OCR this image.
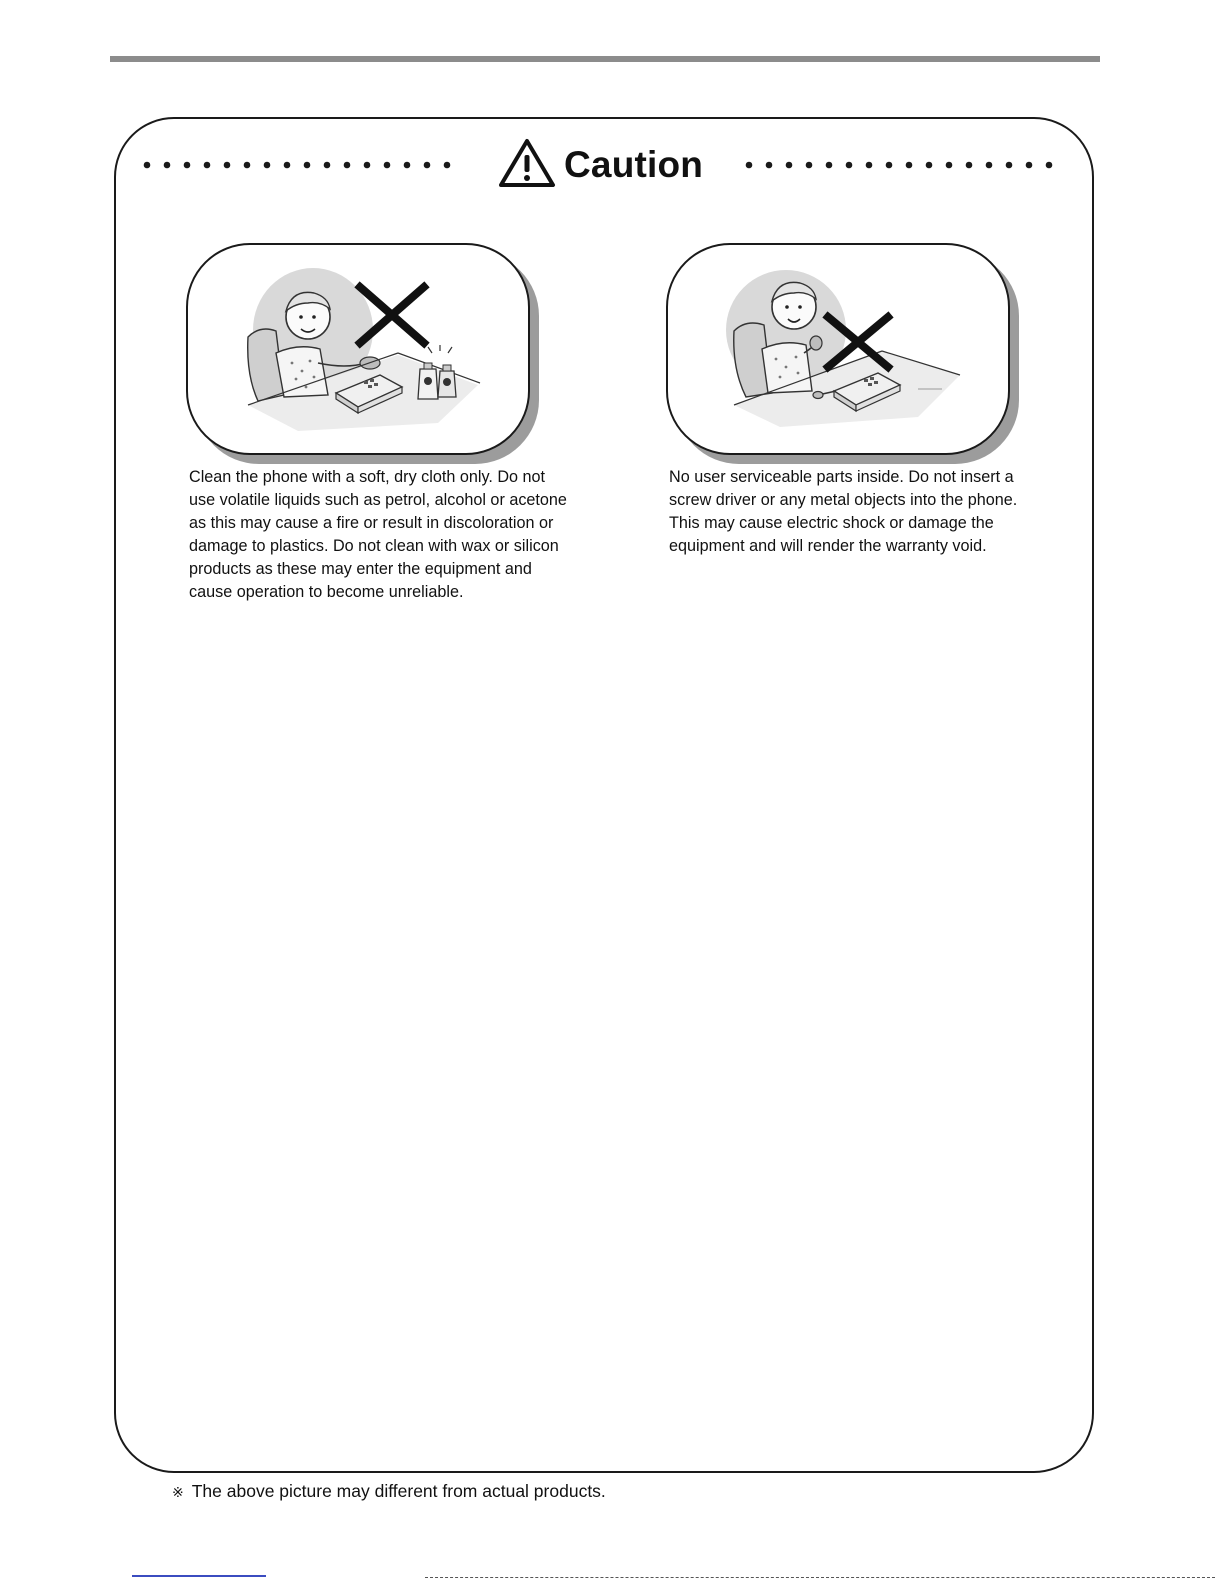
Caution
Clean the phone with a soft, dry cloth only. Do not use volatile liquids such as petrol, alcohol or acetone as this may cause a fire or result in discoloration or damage to plastics. Do not clean with wax or silicon products as these may enter the equipment and cause operation to become unreliable.
No user serviceable parts inside. Do not insert a screw driver or any metal objects into the phone. This may cause electric shock or damage the equipment and will render the warranty void.
※ The above picture may different from actual products.
